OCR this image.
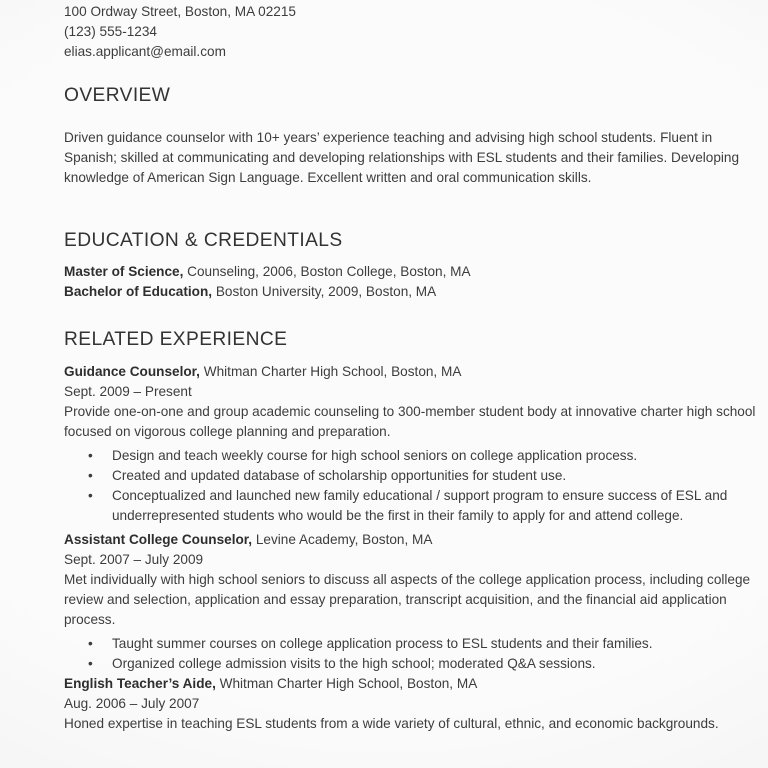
100 Ordway Street, Boston, MA 02215
(123) 555-1234
elias.applicant@email.com
OVERVIEW

Driven guidance counselor with 10+ years’ experience teaching and advising high school students. Fluent in Spanish; skilled at communicating and developing relationships with ESL students and their families. Developing knowledge of American Sign Language. Excellent written and oral communication skills.

EDUCATION & CREDENTIALS
Master of Science, Counseling, 2006, Boston College, Boston, MA
Bachelor of Education, Boston University, 2009, Boston, MA
RELATED EXPERIENCE
Guidance Counselor, Whitman Charter High School, Boston, MA
Sept. 2009 – Present
Provide one-on-one and group academic counseling to 300-member student body at innovative charter high school focused on vigorous college planning and preparation.
• Design and teach weekly course for high school seniors on college application process.
• Created and updated database of scholarship opportunities for student use.
• Conceptualized and launched new family educational / support program to ensure success of ESL and underrepresented students who would be the first in their family to apply for and attend college.
Assistant College Counselor, Levine Academy, Boston, MA
Sept. 2007 – July 2009
Met individually with high school seniors to discuss all aspects of the college application process, including college review and selection, application and essay preparation, transcript acquisition, and the financial aid application process.
• Taught summer courses on college application process to ESL students and their families.
• Organized college admission visits to the high school; moderated Q&A sessions.
English Teacher’s Aide, Whitman Charter High School, Boston, MA
Aug. 2006 – July 2007
Honed expertise in teaching ESL students from a wide variety of cultural, ethnic, and economic backgrounds.
